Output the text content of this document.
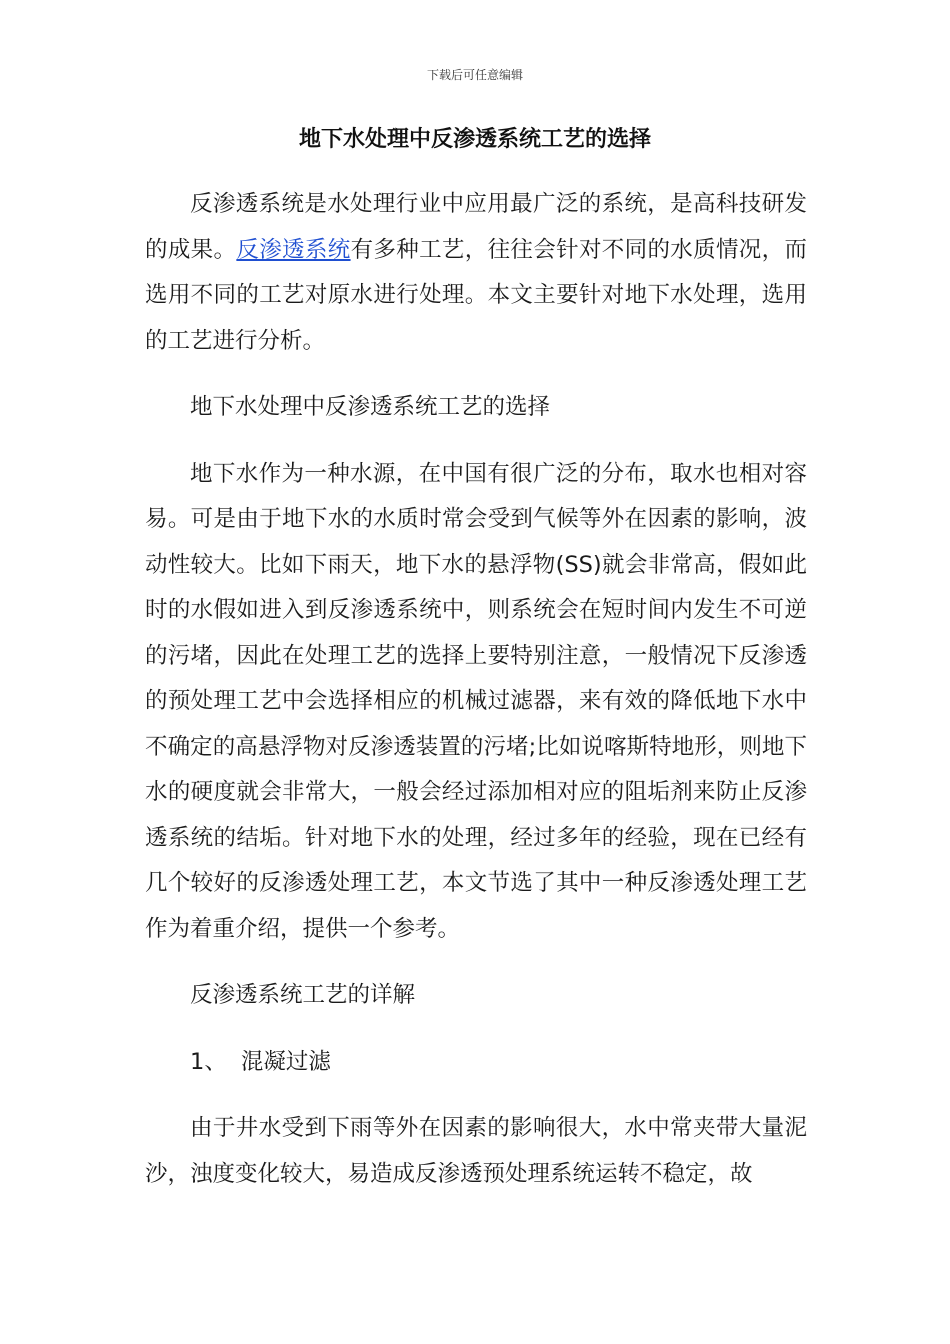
下载后可任意编辑
地下水处理中反渗透系统工艺的选择

反渗透系统是水处理行业中应用最广泛的系统，是高科技研发的成果。反渗透系统有多种工艺，往往会针对不同的水质情况，而选用不同的工艺对原水进行处理。本文主要针对地下水处理，选用的工艺进行分析。

地下水处理中反渗透系统工艺的选择

地下水作为一种水源，在中国有很广泛的分布，取水也相对容易。可是由于地下水的水质时常会受到气候等外在因素的影响，波动性较大。比如下雨天，地下水的悬浮物(SS)就会非常高，假如此时的水假如进入到反渗透系统中，则系统会在短时间内发生不可逆的污堵，因此在处理工艺的选择上要特别注意，一般情况下反渗透的预处理工艺中会选择相应的机械过滤器，来有效的降低地下水中不确定的高悬浮物对反渗透装置的污堵;比如说喀斯特地形，则地下水的硬度就会非常大，一般会经过添加相对应的阻垢剂来防止反渗透系统的结垢。针对地下水的处理，经过多年的经验，现在已经有几个较好的反渗透处理工艺，本文节选了其中一种反渗透处理工艺作为着重介绍，提供一个参考。

反渗透系统工艺的详解

1、 混凝过滤

由于井水受到下雨等外在因素的影响很大，水中常夹带大量泥沙，浊度变化较大，易造成反渗透预处理系统运转不稳定，故
